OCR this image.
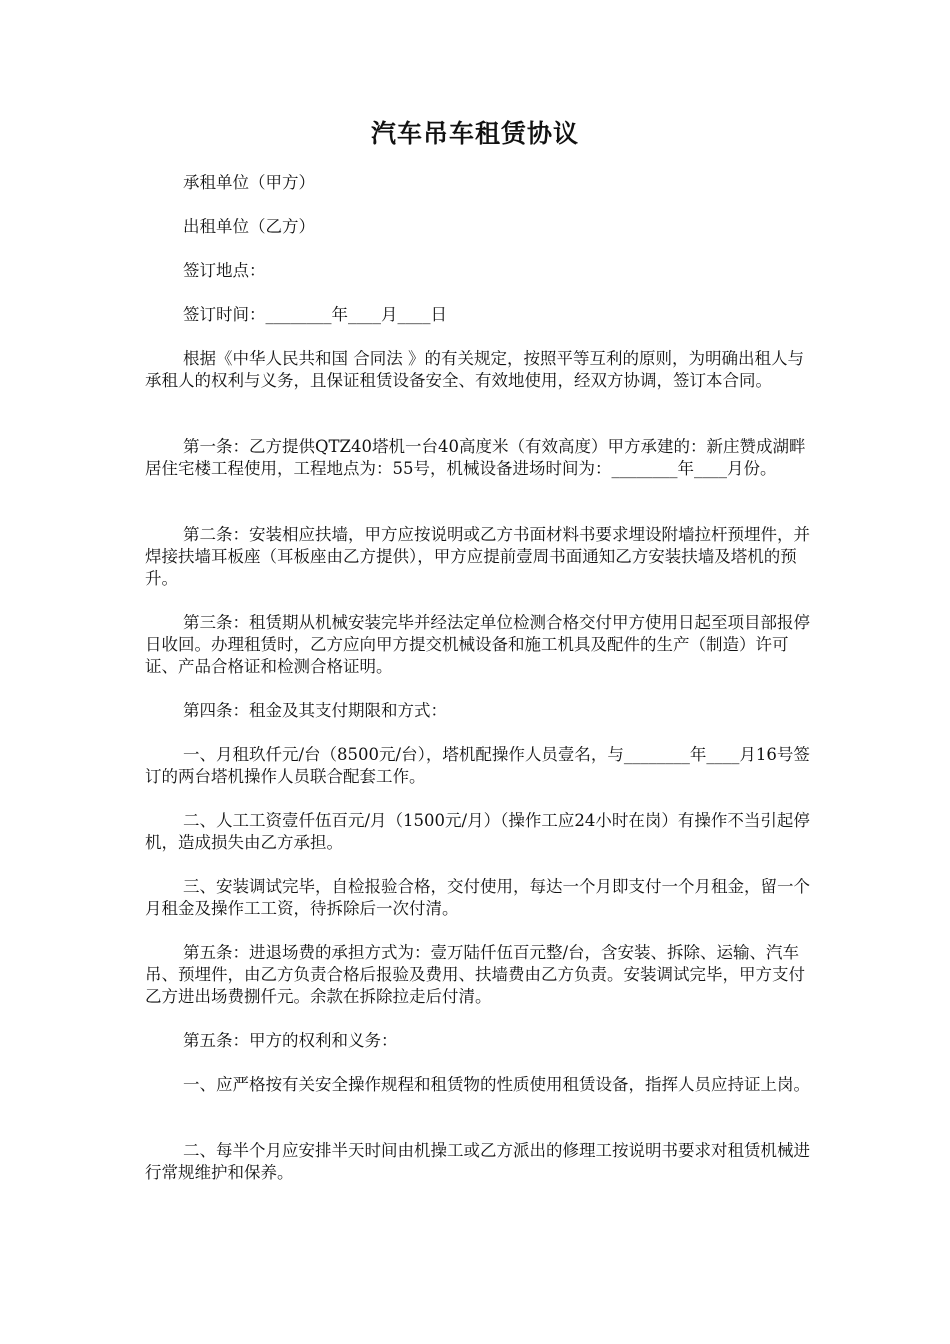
汽车吊车租赁协议

承租单位（甲方）

出租单位（乙方）

签订地点：

签订时间：________年____月____日

根据《中华人民共和国 合同法 》的有关规定，按照平等互利的原则，为明确出租人与承租人的权利与义务，且保证租赁设备安全、有效地使用，经双方协调，签订本合同。

第一条：乙方提供QTZ40塔机一台40高度米（有效高度）甲方承建的：新庄赞成湖畔居住宅楼工程使用，工程地点为：55号，机械设备进场时间为：________年____月份。

第二条：安装相应扶墙，甲方应按说明或乙方书面材料书要求埋设附墙拉杆预埋件，并焊接扶墙耳板座（耳板座由乙方提供），甲方应提前壹周书面通知乙方安装扶墙及塔机的预升。

第三条：租赁期从机械安装完毕并经法定单位检测合格交付甲方使用日起至项目部报停日收回。办理租赁时，乙方应向甲方提交机械设备和施工机具及配件的生产（制造）许可证、产品合格证和检测合格证明。

第四条：租金及其支付期限和方式：

一、月租玖仟元/台（8500元/台），塔机配操作人员壹名，与________年____月16号签订的两台塔机操作人员联合配套工作。

二、人工工资壹仟伍百元/月（1500元/月）（操作工应24小时在岗）有操作不当引起停机，造成损失由乙方承担。

三、安装调试完毕，自检报验合格，交付使用，每达一个月即支付一个月租金，留一个月租金及操作工工资，待拆除后一次付清。

第五条：进退场费的承担方式为：壹万陆仟伍百元整/台，含安装、拆除、运输、汽车吊、预埋件，由乙方负责合格后报验及费用、扶墙费由乙方负责。安装调试完毕，甲方支付乙方进出场费捌仟元。余款在拆除拉走后付清。

第五条：甲方的权利和义务：

一、应严格按有关安全操作规程和租赁物的性质使用租赁设备，指挥人员应持证上岗。

二、每半个月应安排半天时间由机操工或乙方派出的修理工按说明书要求对租赁机械进行常规维护和保养。
